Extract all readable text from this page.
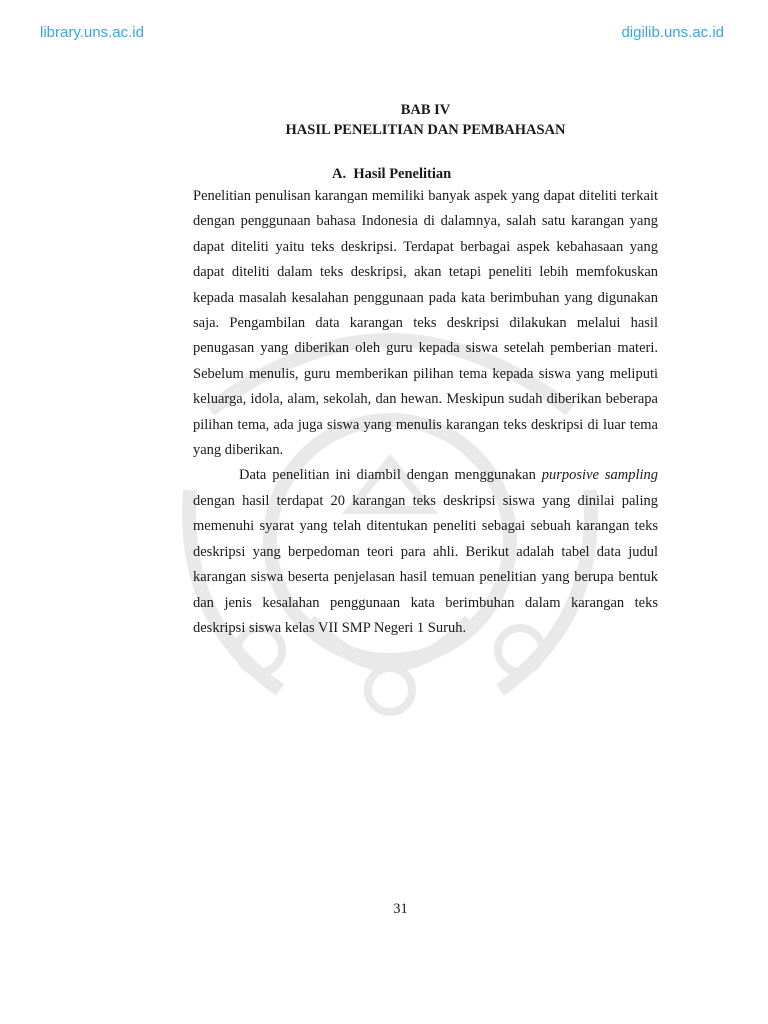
library.uns.ac.id	digilib.uns.ac.id
BAB IV
HASIL PENELITIAN DAN PEMBAHASAN
A.  Hasil Penelitian

Penelitian penulisan karangan memiliki banyak aspek yang dapat diteliti terkait dengan penggunaan bahasa Indonesia di dalamnya, salah satu karangan yang dapat diteliti yaitu teks deskripsi. Terdapat berbagai aspek kebahasaan yang dapat diteliti dalam teks deskripsi, akan tetapi peneliti lebih memfokuskan kepada masalah kesalahan penggunaan pada kata berimbuhan yang digunakan saja. Pengambilan data karangan teks deskripsi dilakukan melalui hasil penugasan yang diberikan oleh guru kepada siswa setelah pemberian materi. Sebelum menulis, guru memberikan pilihan tema kepada siswa yang meliputi keluarga, idola, alam, sekolah, dan hewan. Meskipun sudah diberikan beberapa pilihan tema, ada juga siswa yang menulis karangan teks deskripsi di luar tema yang diberikan.

Data penelitian ini diambil dengan menggunakan purposive sampling dengan hasil terdapat 20 karangan teks deskripsi siswa yang dinilai paling memenuhi syarat yang telah ditentukan peneliti sebagai sebuah karangan teks deskripsi yang berpedoman teori para ahli. Berikut adalah tabel data judul karangan siswa beserta penjelasan hasil temuan penelitian yang berupa bentuk dan jenis kesalahan penggunaan kata berimbuhan dalam karangan teks deskripsi siswa kelas VII SMP Negeri 1 Suruh.

31
